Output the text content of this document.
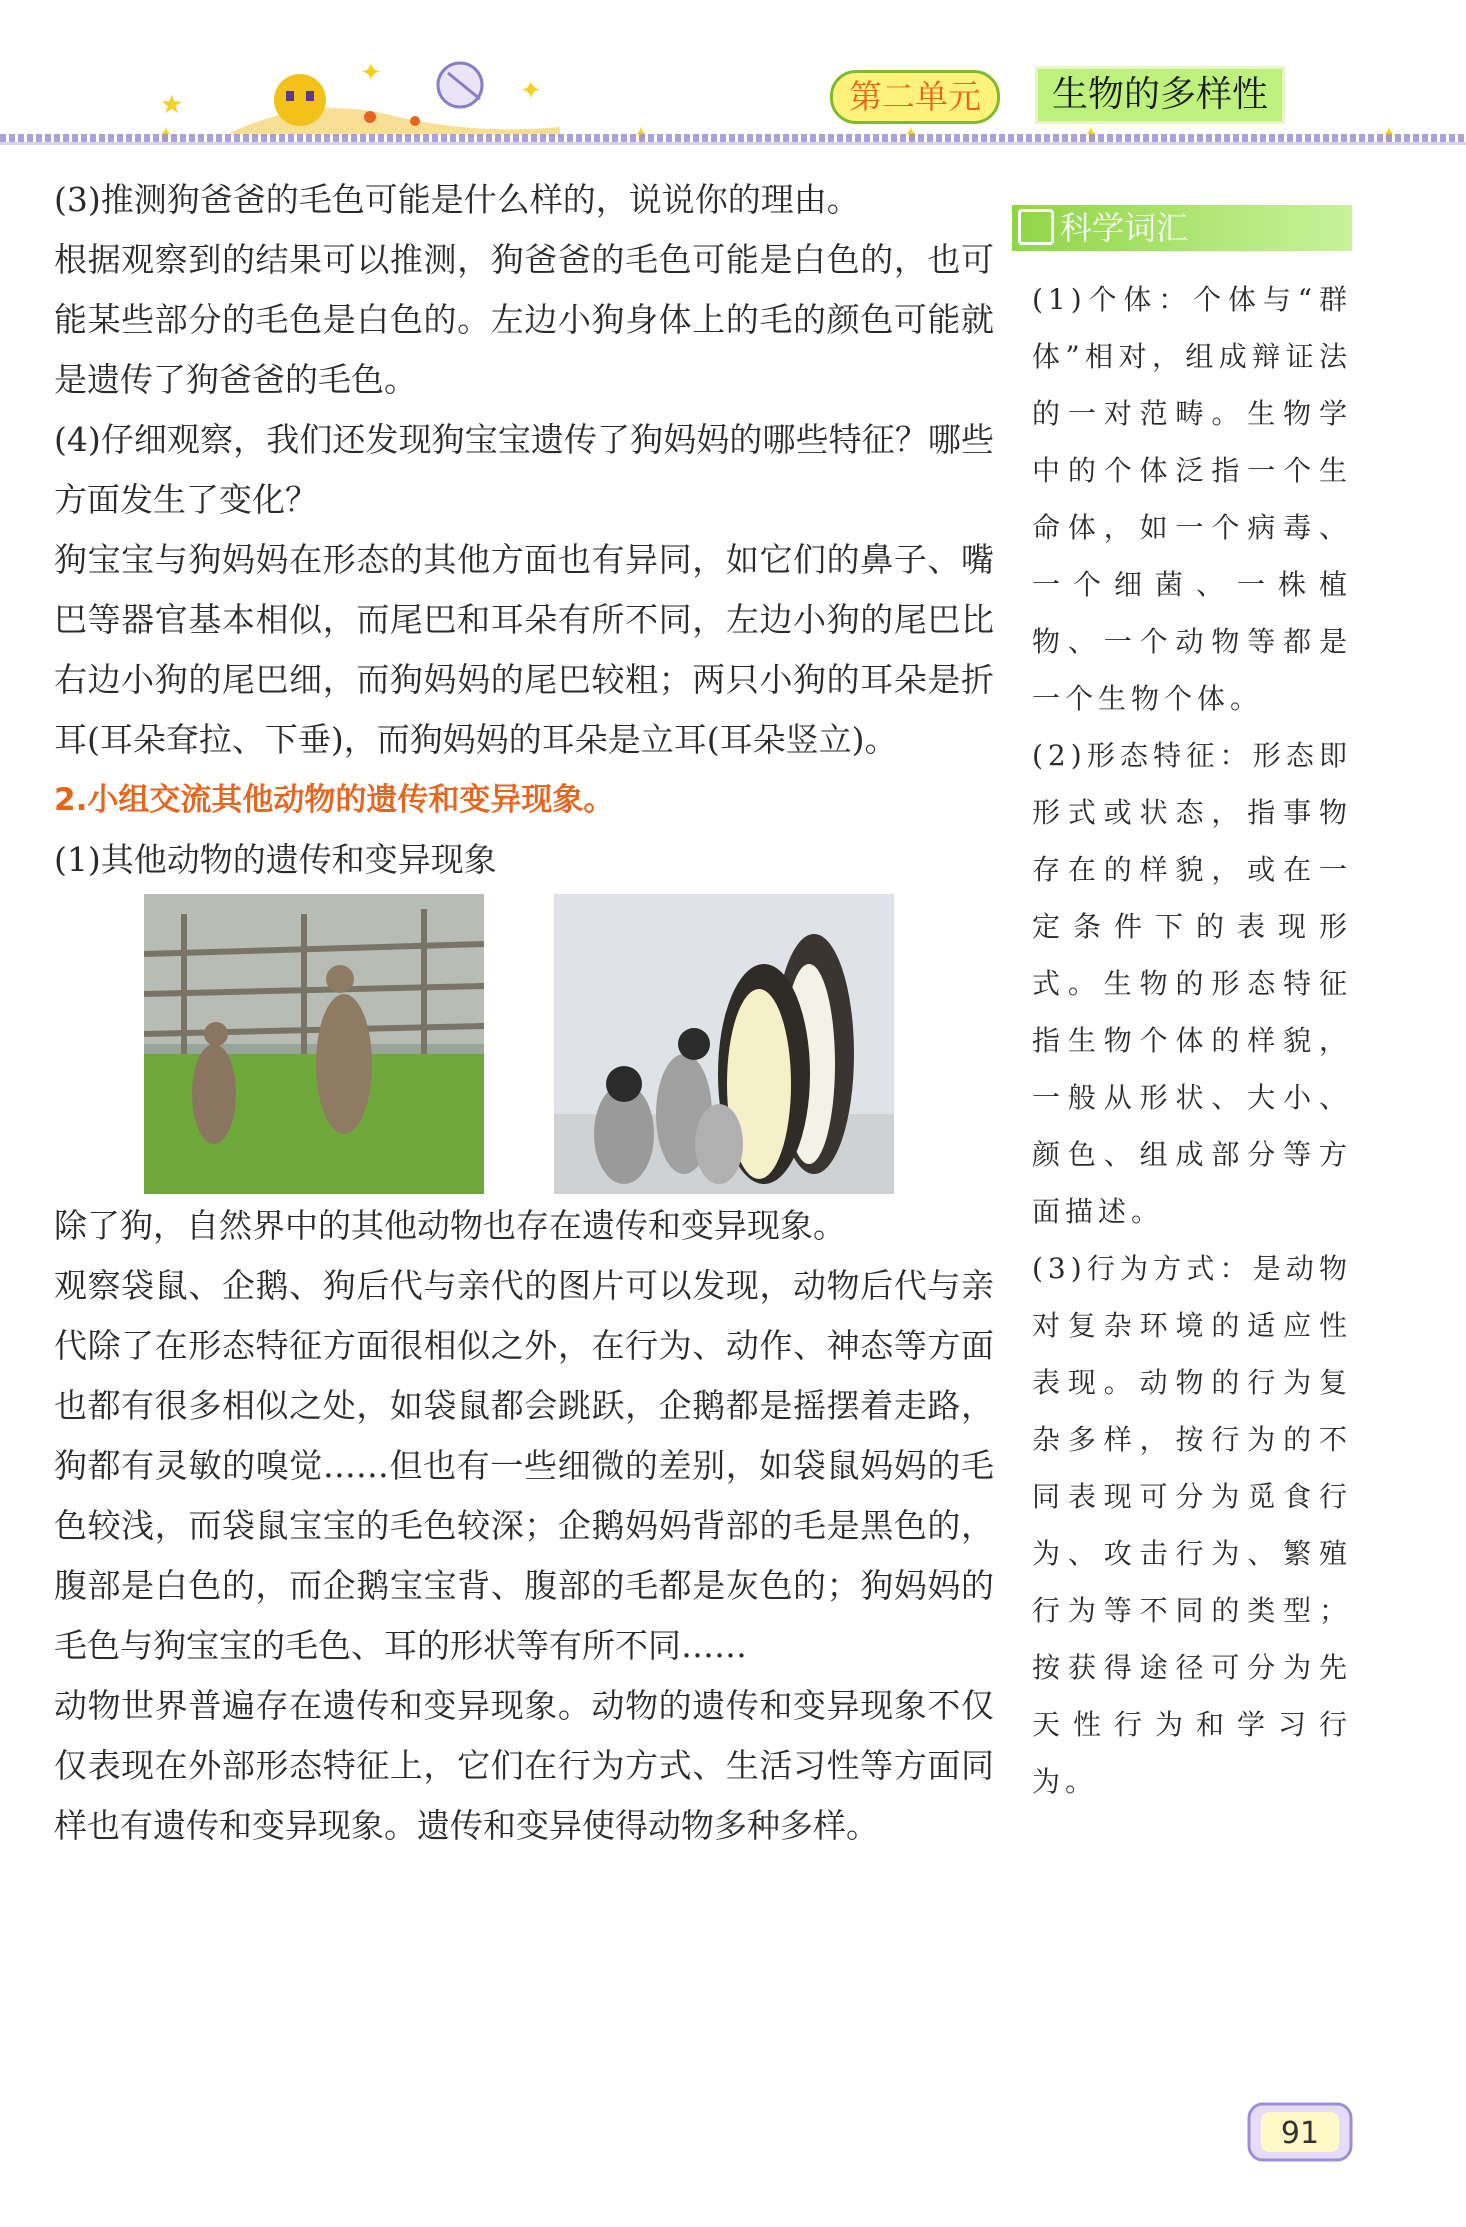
★
✦
✦	第二单元	生物的多样性

(3)推测狗爸爸的毛色可能是什么样的，说说你的理由。

根据观察到的结果可以推测，狗爸爸的毛色可能是白色的，也可能某些部分的毛色是白色的。左边小狗身体上的毛的颜色可能就是遗传了狗爸爸的毛色。

(4)仔细观察，我们还发现狗宝宝遗传了狗妈妈的哪些特征？哪些方面发生了变化？

狗宝宝与狗妈妈在形态的其他方面也有异同，如它们的鼻子、嘴巴等器官基本相似，而尾巴和耳朵有所不同，左边小狗的尾巴比右边小狗的尾巴细，而狗妈妈的尾巴较粗；两只小狗的耳朵是折耳(耳朵耷拉、下垂)，而狗妈妈的耳朵是立耳(耳朵竖立)。

2.小组交流其他动物的遗传和变异现象。

(1)其他动物的遗传和变异现象

除了狗，自然界中的其他动物也存在遗传和变异现象。

观察袋鼠、企鹅、狗后代与亲代的图片可以发现，动物后代与亲代除了在形态特征方面很相似之外，在行为、动作、神态等方面也都有很多相似之处，如袋鼠都会跳跃，企鹅都是摇摆着走路，狗都有灵敏的嗅觉……但也有一些细微的差别，如袋鼠妈妈的毛色较浅，而袋鼠宝宝的毛色较深；企鹅妈妈背部的毛是黑色的，腹部是白色的，而企鹅宝宝背、腹部的毛都是灰色的；狗妈妈的毛色与狗宝宝的毛色、耳的形状等有所不同……

动物世界普遍存在遗传和变异现象。动物的遗传和变异现象不仅仅表现在外部形态特征上，它们在行为方式、生活习性等方面同样也有遗传和变异现象。遗传和变异使得动物多种多样。

科学词汇

(1)个体：个体与“群体”相对，组成辩证法的一对范畴。生物学中的个体泛指一个生命体，如一个病毒、一个细菌、一株植物、一个动物等都是一个生物个体。

(2)形态特征：形态即形式或状态，指事物存在的样貌，或在一定条件下的表现形式。生物的形态特征指生物个体的样貌，一般从形状、大小、颜色、组成部分等方面描述。

(3)行为方式：是动物对复杂环境的适应性表现。动物的行为复杂多样，按行为的不同表现可分为觅食行为、攻击行为、繁殖行为等不同的类型；按获得途径可分为先天性行为和学习行为。

91
